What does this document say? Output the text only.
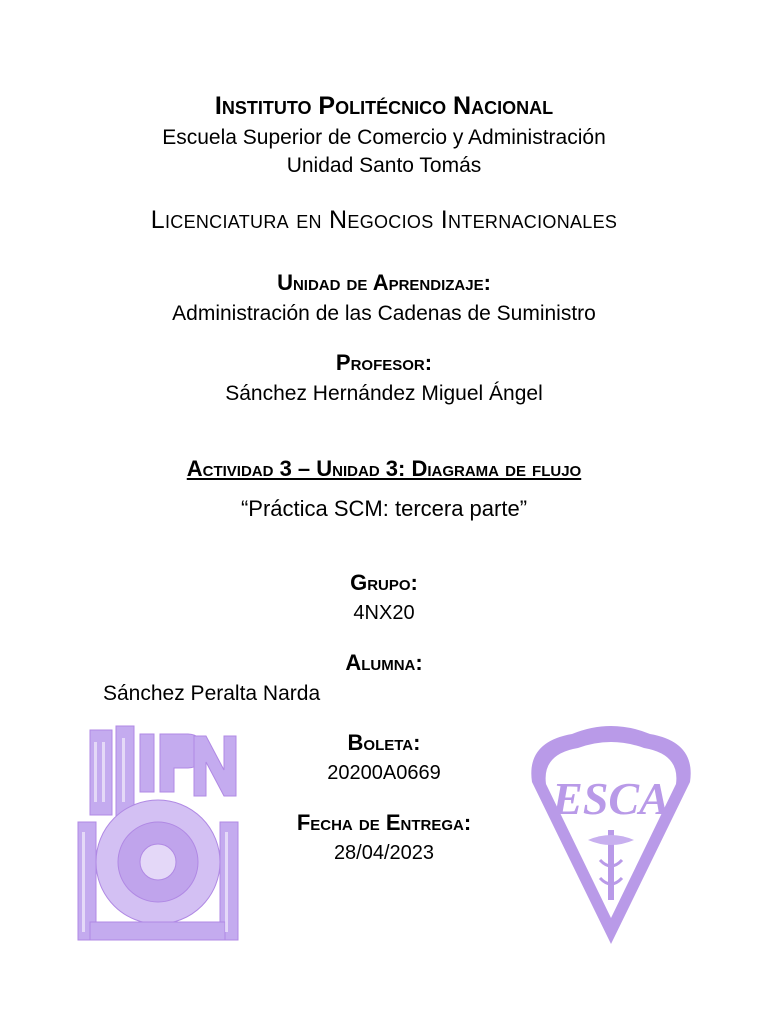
Instituto Politécnico Nacional
Escuela Superior de Comercio y Administración
Unidad Santo Tomás
Licenciatura en Negocios Internacionales
Unidad de Aprendizaje:
Administración de las Cadenas de Suministro
Profesor:
Sánchez Hernández Miguel Ángel
Actividad 3 – Unidad 3: Diagrama de flujo
“Práctica SCM: tercera parte”
Grupo:
4NX20
Alumna:
Sánchez Peralta Narda
Boleta:
20200A0669
Fecha de Entrega:
28/04/2023
ESCA
